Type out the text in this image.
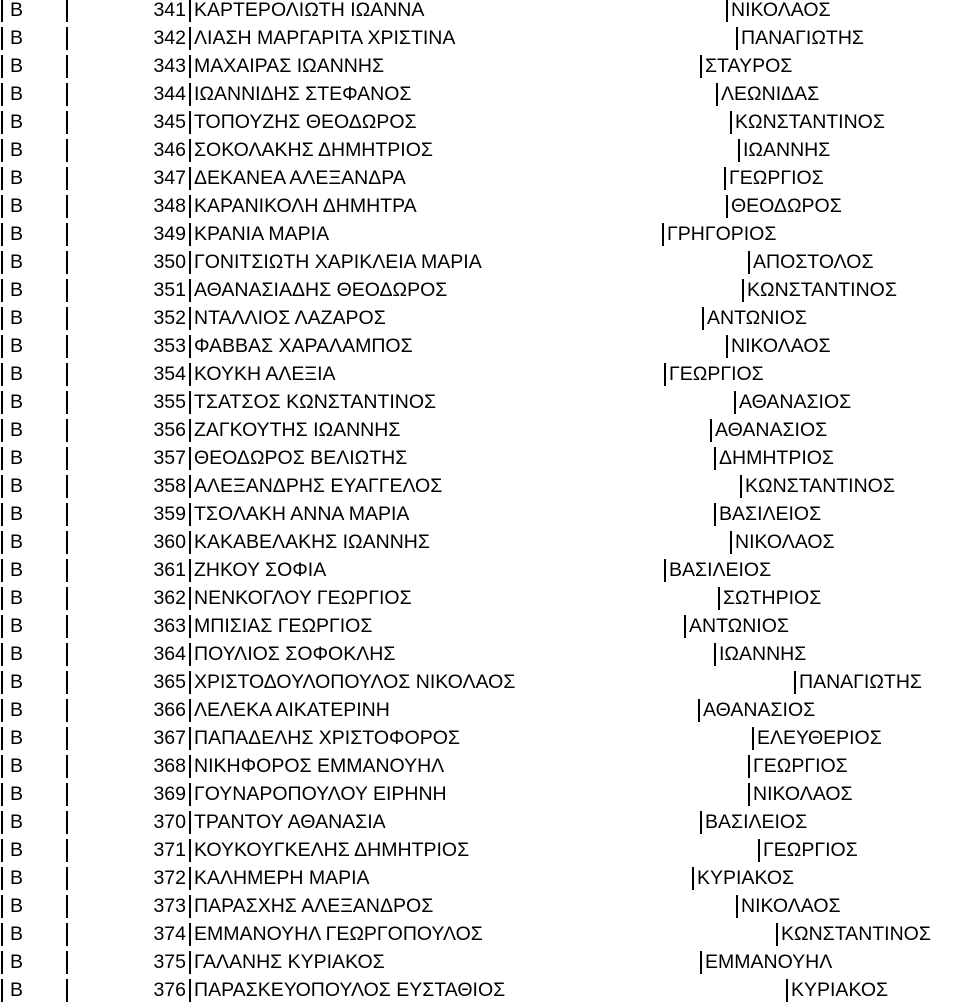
Β	341 ΚΑΡΤΕΡΟΛΙΩΤΗ ΙΩΑΝΝΑ	ΝΙΚΟΛΑΟΣ
Β	342 ΛΙΑΣΗ ΜΑΡΓΑΡΙΤΑ ΧΡΙΣΤΙΝΑ	ΠΑΝΑΓΙΩΤΗΣ
Β	343 ΜΑΧΑΙΡΑΣ ΙΩΑΝΝΗΣ	ΣΤΑΥΡΟΣ
Β	344 ΙΩΑΝΝΙΔΗΣ ΣΤΕΦΑΝΟΣ	ΛΕΩΝΙΔΑΣ
Β	345 ΤΟΠΟΥΖΗΣ ΘΕΟΔΩΡΟΣ	ΚΩΝΣΤΑΝΤΙΝΟΣ
Β	346 ΣΟΚΟΛΑΚΗΣ ΔΗΜΗΤΡΙΟΣ	ΙΩΑΝΝΗΣ
Β	347 ΔΕΚΑΝΕΑ ΑΛΕΞΑΝΔΡΑ	ΓΕΩΡΓΙΟΣ
Β	348 ΚΑΡΑΝΙΚΟΛΗ ΔΗΜΗΤΡΑ	ΘΕΟΔΩΡΟΣ
Β	349 ΚΡΑΝΙΑ ΜΑΡΙΑ	ΓΡΗΓΟΡΙΟΣ
Β	350 ΓΟΝΙΤΣΙΩΤΗ ΧΑΡΙΚΛΕΙΑ ΜΑΡΙΑ	ΑΠΟΣΤΟΛΟΣ
Β	351 ΑΘΑΝΑΣΙΑΔΗΣ ΘΕΟΔΩΡΟΣ	ΚΩΝΣΤΑΝΤΙΝΟΣ
Β	352 ΝΤΑΛΛΙΟΣ ΛΑΖΑΡΟΣ	ΑΝΤΩΝΙΟΣ
Β	353 ΦΑΒΒΑΣ ΧΑΡΑΛΑΜΠΟΣ	ΝΙΚΟΛΑΟΣ
Β	354 ΚΟΥΚΗ ΑΛΕΞΙΑ	ΓΕΩΡΓΙΟΣ
Β	355 ΤΣΑΤΣΟΣ ΚΩΝΣΤΑΝΤΙΝΟΣ	ΑΘΑΝΑΣΙΟΣ
Β	356 ΖΑΓΚΟΥΤΗΣ ΙΩΑΝΝΗΣ	ΑΘΑΝΑΣΙΟΣ
Β	357 ΘΕΟΔΩΡΟΣ ΒΕΛΙΩΤΗΣ	ΔΗΜΗΤΡΙΟΣ
Β	358 ΑΛΕΞΑΝΔΡΗΣ ΕΥΑΓΓΕΛΟΣ	ΚΩΝΣΤΑΝΤΙΝΟΣ
Β	359 ΤΣΟΛΑΚΗ ΑΝΝΑ ΜΑΡΙΑ	ΒΑΣΙΛΕΙΟΣ
Β	360 ΚΑΚΑΒΕΛΑΚΗΣ ΙΩΑΝΝΗΣ	ΝΙΚΟΛΑΟΣ
Β	361 ΖΗΚΟΥ ΣΟΦΙΑ	ΒΑΣΙΛΕΙΟΣ
Β	362 ΝΕΝΚΟΓΛΟΥ ΓΕΩΡΓΙΟΣ	ΣΩΤΗΡΙΟΣ
Β	363 ΜΠΙΣΙΑΣ ΓΕΩΡΓΙΟΣ	ΑΝΤΩΝΙΟΣ
Β	364 ΠΟΥΛΙΟΣ ΣΟΦΟΚΛΗΣ	ΙΩΑΝΝΗΣ
Β	365 ΧΡΙΣΤΟΔΟΥΛΟΠΟΥΛΟΣ ΝΙΚΟΛΑΟΣ	ΠΑΝΑΓΙΩΤΗΣ
Β	366 ΛΕΛΕΚΑ ΑΙΚΑΤΕΡΙΝΗ	ΑΘΑΝΑΣΙΟΣ
Β	367 ΠΑΠΑΔΕΛΗΣ ΧΡΙΣΤΟΦΟΡΟΣ	ΕΛΕΥΘΕΡΙΟΣ
Β	368 ΝΙΚΗΦΟΡΟΣ ΕΜΜΑΝΟΥΗΛ	ΓΕΩΡΓΙΟΣ
Β	369 ΓΟΥΝΑΡΟΠΟΥΛΟΥ ΕΙΡΗΝΗ	ΝΙΚΟΛΑΟΣ
Β	370 ΤΡΑΝΤΟΥ ΑΘΑΝΑΣΙΑ	ΒΑΣΙΛΕΙΟΣ
Β	371 ΚΟΥΚΟΥΓΚΕΛΗΣ ΔΗΜΗΤΡΙΟΣ	ΓΕΩΡΓΙΟΣ
Β	372 ΚΑΛΗΜΕΡΗ ΜΑΡΙΑ	ΚΥΡΙΑΚΟΣ
Β	373 ΠΑΡΑΣΧΗΣ ΑΛΕΞΑΝΔΡΟΣ	ΝΙΚΟΛΑΟΣ
Β	374 ΕΜΜΑΝΟΥΗΛ ΓΕΩΡΓΟΠΟΥΛΟΣ	ΚΩΝΣΤΑΝΤΙΝΟΣ
Β	375 ΓΑΛΑΝΗΣ ΚΥΡΙΑΚΟΣ	ΕΜΜΑΝΟΥΗΛ
Β	376 ΠΑΡΑΣΚΕΥΟΠΟΥΛΟΣ ΕΥΣΤΑΘΙΟΣ	ΚΥΡΙΑΚΟΣ
